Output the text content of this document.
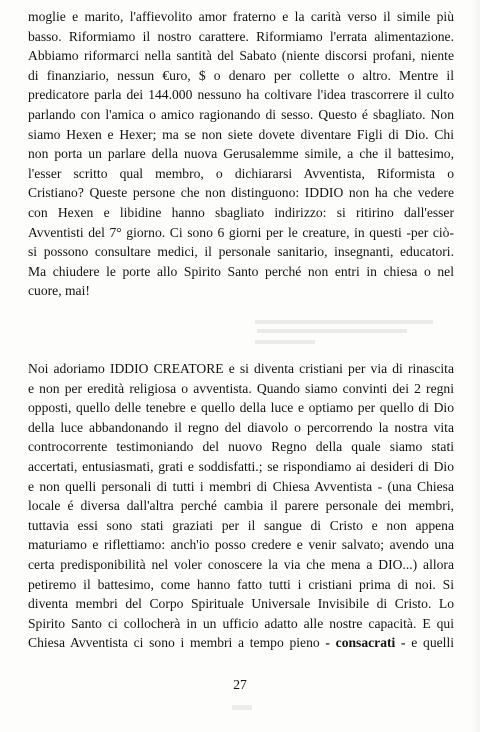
moglie e marito, l'affievolito amor fraterno e la carità verso il simile più
basso. Riformiamo il nostro carattere. Riformiamo l'errata alimentazione.
Abbiamo riformarci nella santità del Sabato (niente discorsi profani, niente
di finanziario, nessun €uro, $ o denaro per collette o altro. Mentre il
predicatore parla dei 144.000 nessuno ha coltivare l'idea trascorrere il culto
parlando con l'amica o amico ragionando di sesso. Questo é sbagliato. Non
siamo Hexen e Hexer; ma se non siete dovete diventare Figli di Dio. Chi
non porta un parlare della nuova Gerusalemme simile, a che il battesimo,
l'esser scritto qual membro, o dichiararsi Avventista, Riformista o
Cristiano? Queste persone che non distinguono: IDDIO non ha che vedere
con Hexen e libidine hanno sbagliato indirizzo: si ritirino dall'esser
Avventisti del 7° giorno. Ci sono 6 giorni per le creature, in questi -per ciò-
si possono consultare medici, il personale sanitario, insegnanti, educatori.
Ma chiudere le porte allo Spirito Santo perché non entri in chiesa o nel
cuore, mai!
Noi adoriamo IDDIO CREATORE e si diventa cristiani per via di rinascita
e non per eredità religiosa o avventista. Quando siamo convinti dei 2 regni
opposti, quello delle tenebre e quello della luce e optiamo per quello di Dio
della luce abbandonando il regno del diavolo o percorrendo la nostra vita
controcorrente testimoniando del nuovo Regno della quale siamo stati
accertati, entusiasmati, grati e soddisfatti.; se rispondiamo ai desideri di Dio
e non quelli personali di tutti i membri di Chiesa Avventista - (una Chiesa
locale é diversa dall'altra perché cambia il parere personale dei membri,
tuttavia essi sono stati graziati per il sangue di Cristo e non appena
maturiamo e riflettiamo: anch'io posso credere e venir salvato; avendo una
certa predisponibilità nel voler conoscere la via che mena a DIO...) allora
petiremo il battesimo, come hanno fatto tutti i cristiani prima di noi. Si
diventa membri del Corpo Spirituale Universale Invisibile di Cristo. Lo
Spirito Santo ci collocherà in un ufficio adatto alle nostre capacità. E qui
Chiesa Avventista ci sono i membri a tempo pieno - consacrati - e quelli
27
